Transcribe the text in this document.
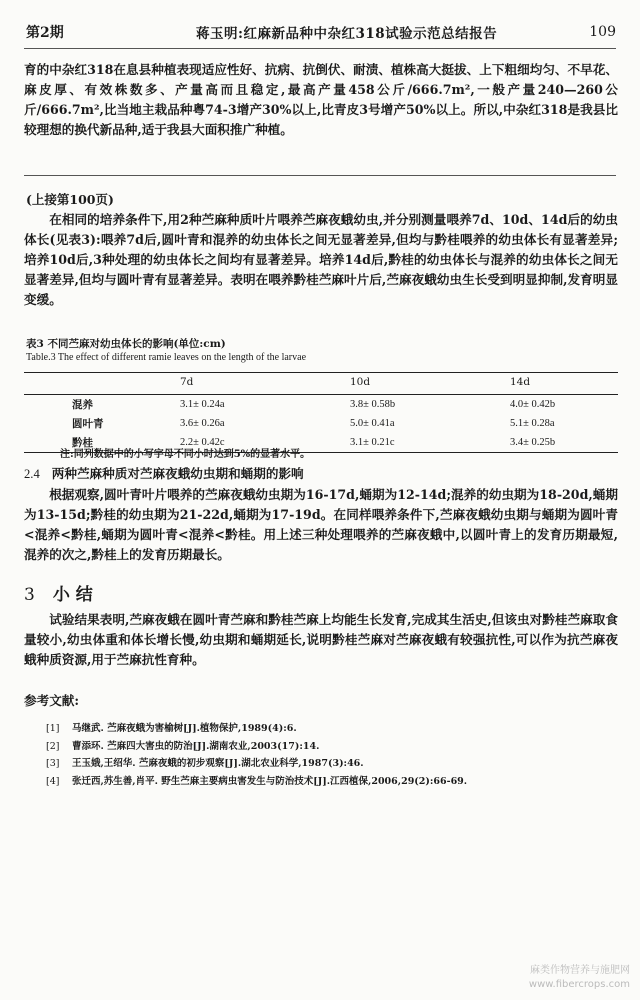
第2期	蒋玉明:红麻新品种中杂红318试验示范总结报告	109
育的中杂红318在息县种植表现适应性好、抗病、抗倒伏、耐渍、植株高大挺拔、上下粗细均匀、不早花、麻皮厚、有效株数多、产量高而且稳定,最高产量458公斤/666.7m²,一般产量240—260公斤/666.7m²,比当地主栽品种粤74-3增产30%以上,比青皮3号增产50%以上。所以,中杂红318是我县比较理想的换代新品种,适于我县大面积推广种植。
(上接第100页)
在相同的培养条件下,用2种苎麻种质叶片喂养苎麻夜蛾幼虫,并分别测量喂养7d、10d、14d后的幼虫体长(见表3):喂养7d后,圆叶青和混养的幼虫体长之间无显著差异,但均与黔桂喂养的幼虫体长有显著差异;培养10d后,3种处理的幼虫体长之间均有显著差异。培养14d后,黔桂的幼虫体长与混养的幼虫体长之间无显著差异,但均与圆叶青有显著差异。表明在喂养黔桂苎麻叶片后,苎麻夜蛾幼虫生长受到明显抑制,发育明显变缓。
表3 不同苎麻对幼虫体长的影响(单位:cm)
Table.3 The effect of different ramie leaves on the length of the larvae
	7d	10d	14d
混养	3.1± 0.24a	3.8± 0.58b	4.0± 0.42b
圆叶青	3.6± 0.26a	5.0± 0.41a	5.1± 0.28a
黔桂	2.2± 0.42c	3.1± 0.21c	3.4± 0.25b
注:同列数据中的小写字母不同小时达到5%的显著水平。
2.4 两种苎麻种质对苎麻夜蛾幼虫期和蛹期的影响
根据观察,圆叶青叶片喂养的苎麻夜蛾幼虫期为16-17d,蛹期为12-14d;混养的幼虫期为18-20d,蛹期为13-15d;黔桂的幼虫期为21-22d,蛹期为17-19d。在同样喂养条件下,苎麻夜蛾幼虫期与蛹期为圆叶青<混养<黔桂,蛹期为圆叶青<混养<黔桂。用上述三种处理喂养的苎麻夜蛾中,以圆叶青上的发育历期最短,混养的次之,黔桂上的发育历期最长。
3 小 结
试验结果表明,苎麻夜蛾在圆叶青苎麻和黔桂苎麻上均能生长发育,完成其生活史,但该虫对黔桂苎麻取食量较小,幼虫体重和体长增长慢,幼虫期和蛹期延长,说明黔桂苎麻对苎麻夜蛾有较强抗性,可以作为抗苎麻夜蛾种质资源,用于苎麻抗性育种。
参考文献:
[1] 马继武. 苎麻夜蛾为害榆树[J].植物保护,1989(4):6.
[2] 曹添环. 苎麻四大害虫的防治[J].湖南农业,2003(17):14.
[3] 王玉娥,王绍华. 苎麻夜蛾的初步观察[J].湖北农业科学,1987(3):46.
[4] 张迁西,苏生善,肖平. 野生苎麻主要病虫害发生与防治技术[J].江西植保,2006,29(2):66-69.
麻类作物营养与施肥网
www.fibercrops.com
